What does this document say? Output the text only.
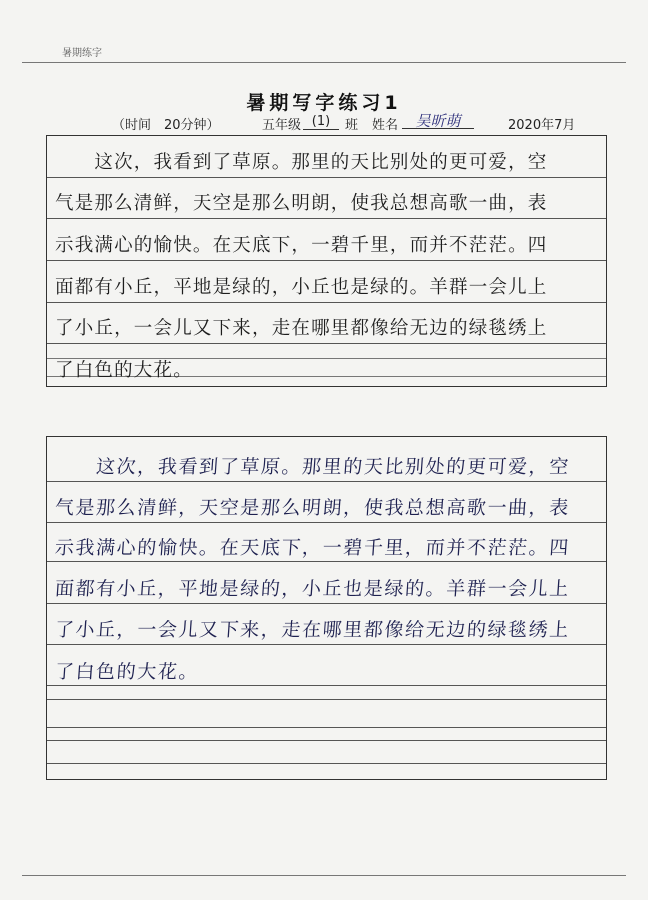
暑期练字
暑期写字练习1
（时间　20分钟）	五年级 (1)	班 姓名	吴昕萌	2020年7月
　　这次，我看到了草原。那里的天比别处的更可爱，空
气是那么清鲜，天空是那么明朗，使我总想高歌一曲，表
示我满心的愉快。在天底下，一碧千里，而并不茫茫。四
面都有小丘，平地是绿的，小丘也是绿的。羊群一会儿上
了小丘，一会儿又下来，走在哪里都像给无边的绿毯绣上
了白色的大花。
　　这次，我看到了草原。那里的天比别处的更可爱，空
气是那么清鲜，天空是那么明朗，使我总想高歌一曲，表
示我满心的愉快。在天底下，一碧千里，而并不茫茫。四
面都有小丘，平地是绿的，小丘也是绿的。羊群一会儿上
了小丘，一会儿又下来，走在哪里都像给无边的绿毯绣上
了白色的大花。
